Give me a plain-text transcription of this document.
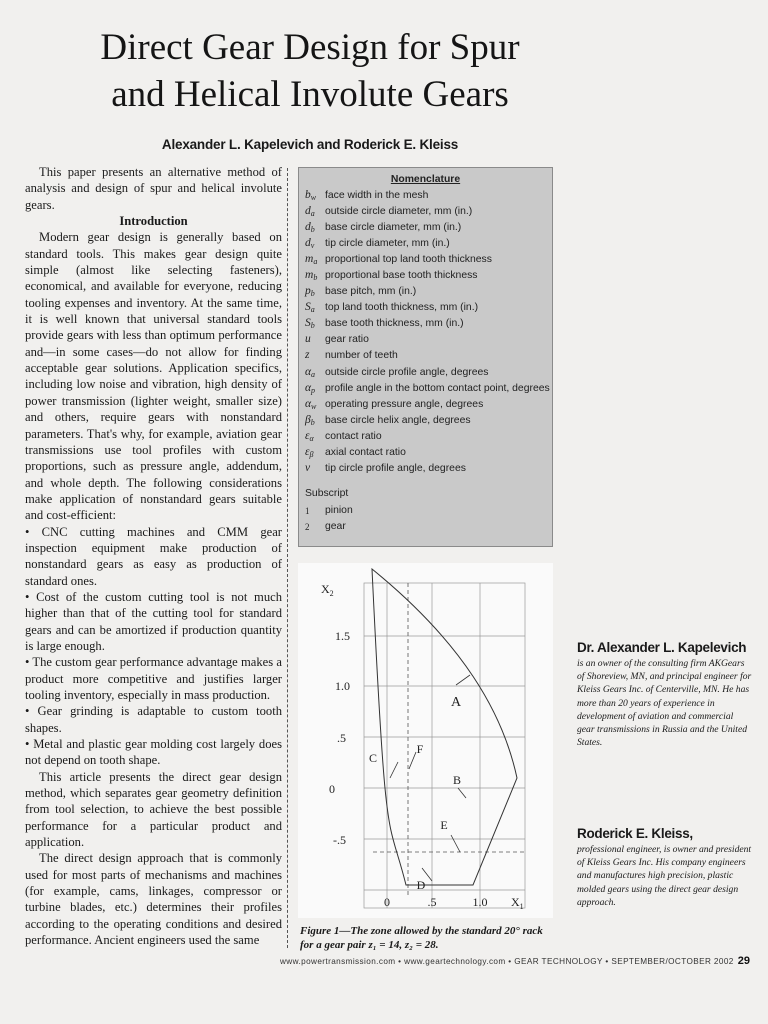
Direct Gear Design for Spur
and Helical Involute Gears
Alexander L. Kapelevich and Roderick E. Kleiss

This paper presents an alternative method of analysis and design of spur and helical involute gears.

Introduction

Modern gear design is generally based on standard tools. This makes gear design quite simple (almost like selecting fasteners), economical, and available for everyone, reducing tooling expenses and inventory. At the same time, it is well known that universal standard tools provide gears with less than optimum performance and—in some cases—do not allow for finding acceptable gear solutions. Application specifics, including low noise and vibration, high density of power transmission (lighter weight, smaller size) and others, require gears with nonstandard parameters. That's why, for example, aviation gear transmissions use tool profiles with custom proportions, such as pressure angle, addendum, and whole depth. The following considerations make application of nonstandard gears suitable and cost-efficient:

• CNC cutting machines and CMM gear inspection equipment make production of nonstandard gears as easy as production of standard ones.

• Cost of the custom cutting tool is not much higher than that of the cutting tool for standard gears and can be amortized if production quantity is large enough.

• The custom gear performance advantage makes a product more competitive and justifies larger tooling inventory, especially in mass production.

• Gear grinding is adaptable to custom tooth shapes.

• Metal and plastic gear molding cost largely does not depend on tooth shape.

This article presents the direct gear design method, which separates gear geometry definition from tool selection, to achieve the best possible performance for a particular product and application.

The direct design approach that is commonly used for most parts of mechanisms and machines (for example, cams, linkages, compressor or turbine blades, etc.) determines their profiles according to the operating conditions and desired performance. Ancient engineers used the same

Nomenclature
$b_w$ face width in the mesh
$d_a$ outside circle diameter, mm (in.)
$d_b$ base circle diameter, mm (in.)
$d_\nu$	tip circle diameter, mm (in.)
$m_a$ proportional top land tooth thickness
$m_b$ proportional base tooth thickness
$p_b$ base pitch, mm (in.)
$S_a$ top land tooth thickness, mm (in.)
$S_b$ base tooth thickness, mm (in.)
u	gear ratio
z	number of teeth
$\alpha_a$ outside circle profile angle, degrees
$\alpha_p$ profile angle in the bottom contact point, degrees
$\alpha_w$ operating pressure angle, degrees
$\beta_b$ base circle helix angle, degrees
$\varepsilon_\alpha$	contact ratio
$\varepsilon_\beta$	axial contact ratio
ν	tip circle profile angle, degrees
Subscript
1	pinion
2	gear
$X_2$
$X_1$
1.5
1.0
.5
0
-.5
0	.5	1.0
A
B
C
D
E
F
Figure 1—The zone allowed by the standard 20° rack for a gear pair z₁ = 14, z₂ = 28.
Dr. Alexander L. Kapelevich
is an owner of the consulting firm AKGears of Shoreview, MN, and principal engineer for Kleiss Gears Inc. of Centerville, MN. He has more than 20 years of experience in development of aviation and commercial gear transmissions in Russia and the United States.
Roderick E. Kleiss,
professional engineer, is owner and president of Kleiss Gears Inc. His company engineers and manufactures high precision, plastic molded gears using the direct gear design approach.
www.powertransmission.com • www.geartechnology.com • GEAR TECHNOLOGY • SEPTEMBER/OCTOBER 2002 29
